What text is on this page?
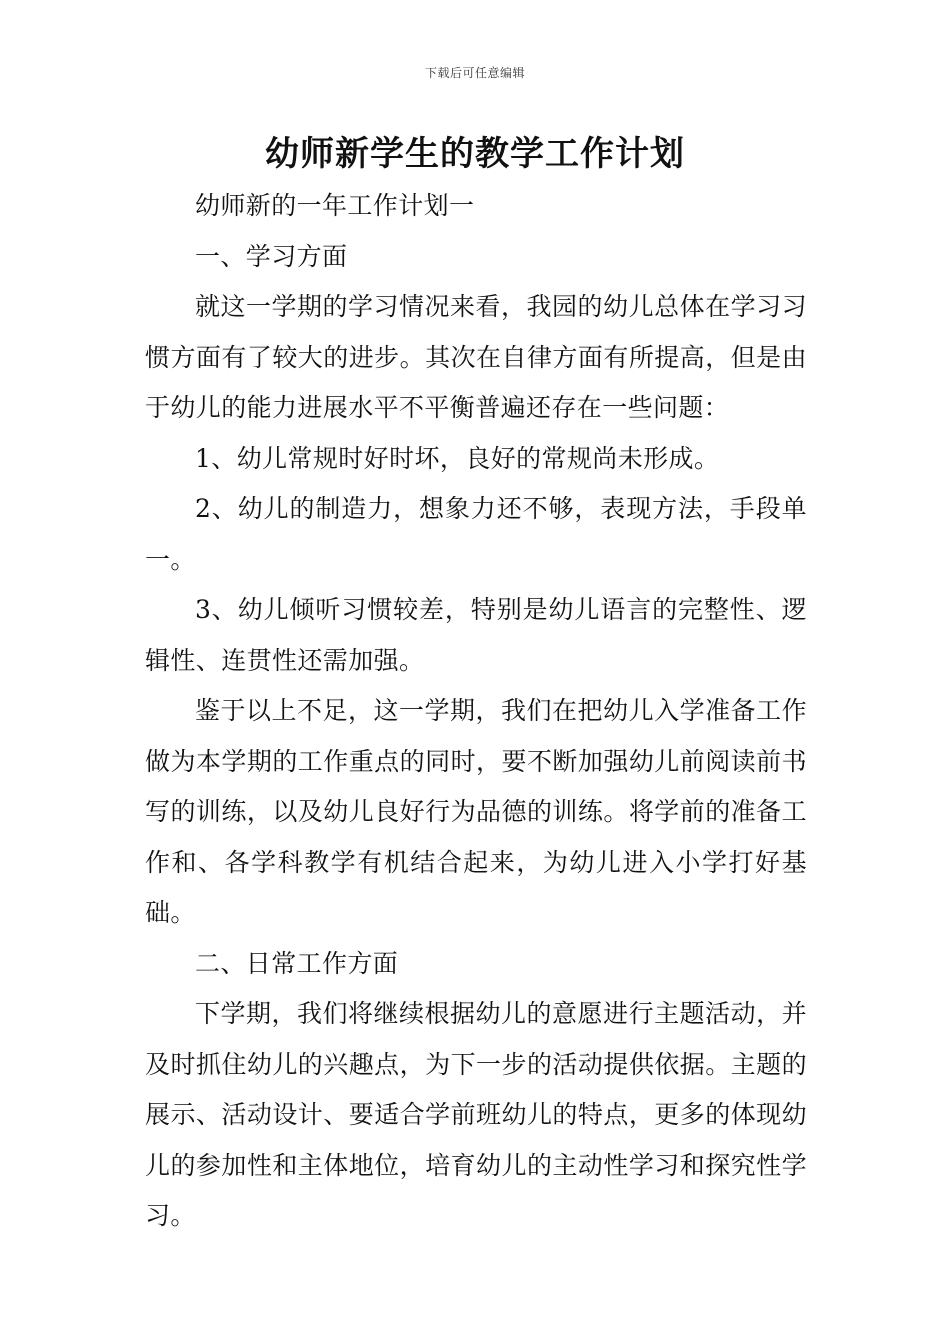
下载后可任意编辑
幼师新学生的教学工作计划

幼师新的一年工作计划一

一、学习方面

就这一学期的学习情况来看，我园的幼儿总体在学习习惯方面有了较大的进步。其次在自律方面有所提高，但是由于幼儿的能力进展水平不平衡普遍还存在一些问题：

1、幼儿常规时好时坏，良好的常规尚未形成。

2、幼儿的制造力，想象力还不够，表现方法，手段单一。

3、幼儿倾听习惯较差，特别是幼儿语言的完整性、逻辑性、连贯性还需加强。

鉴于以上不足，这一学期，我们在把幼儿入学准备工作做为本学期的工作重点的同时，要不断加强幼儿前阅读前书写的训练，以及幼儿良好行为品德的训练。将学前的准备工作和、各学科教学有机结合起来，为幼儿进入小学打好基础。

二、日常工作方面

下学期，我们将继续根据幼儿的意愿进行主题活动，并及时抓住幼儿的兴趣点，为下一步的活动提供依据。主题的展示、活动设计、要适合学前班幼儿的特点，更多的体现幼儿的参加性和主体地位，培育幼儿的主动性学习和探究性学习。
